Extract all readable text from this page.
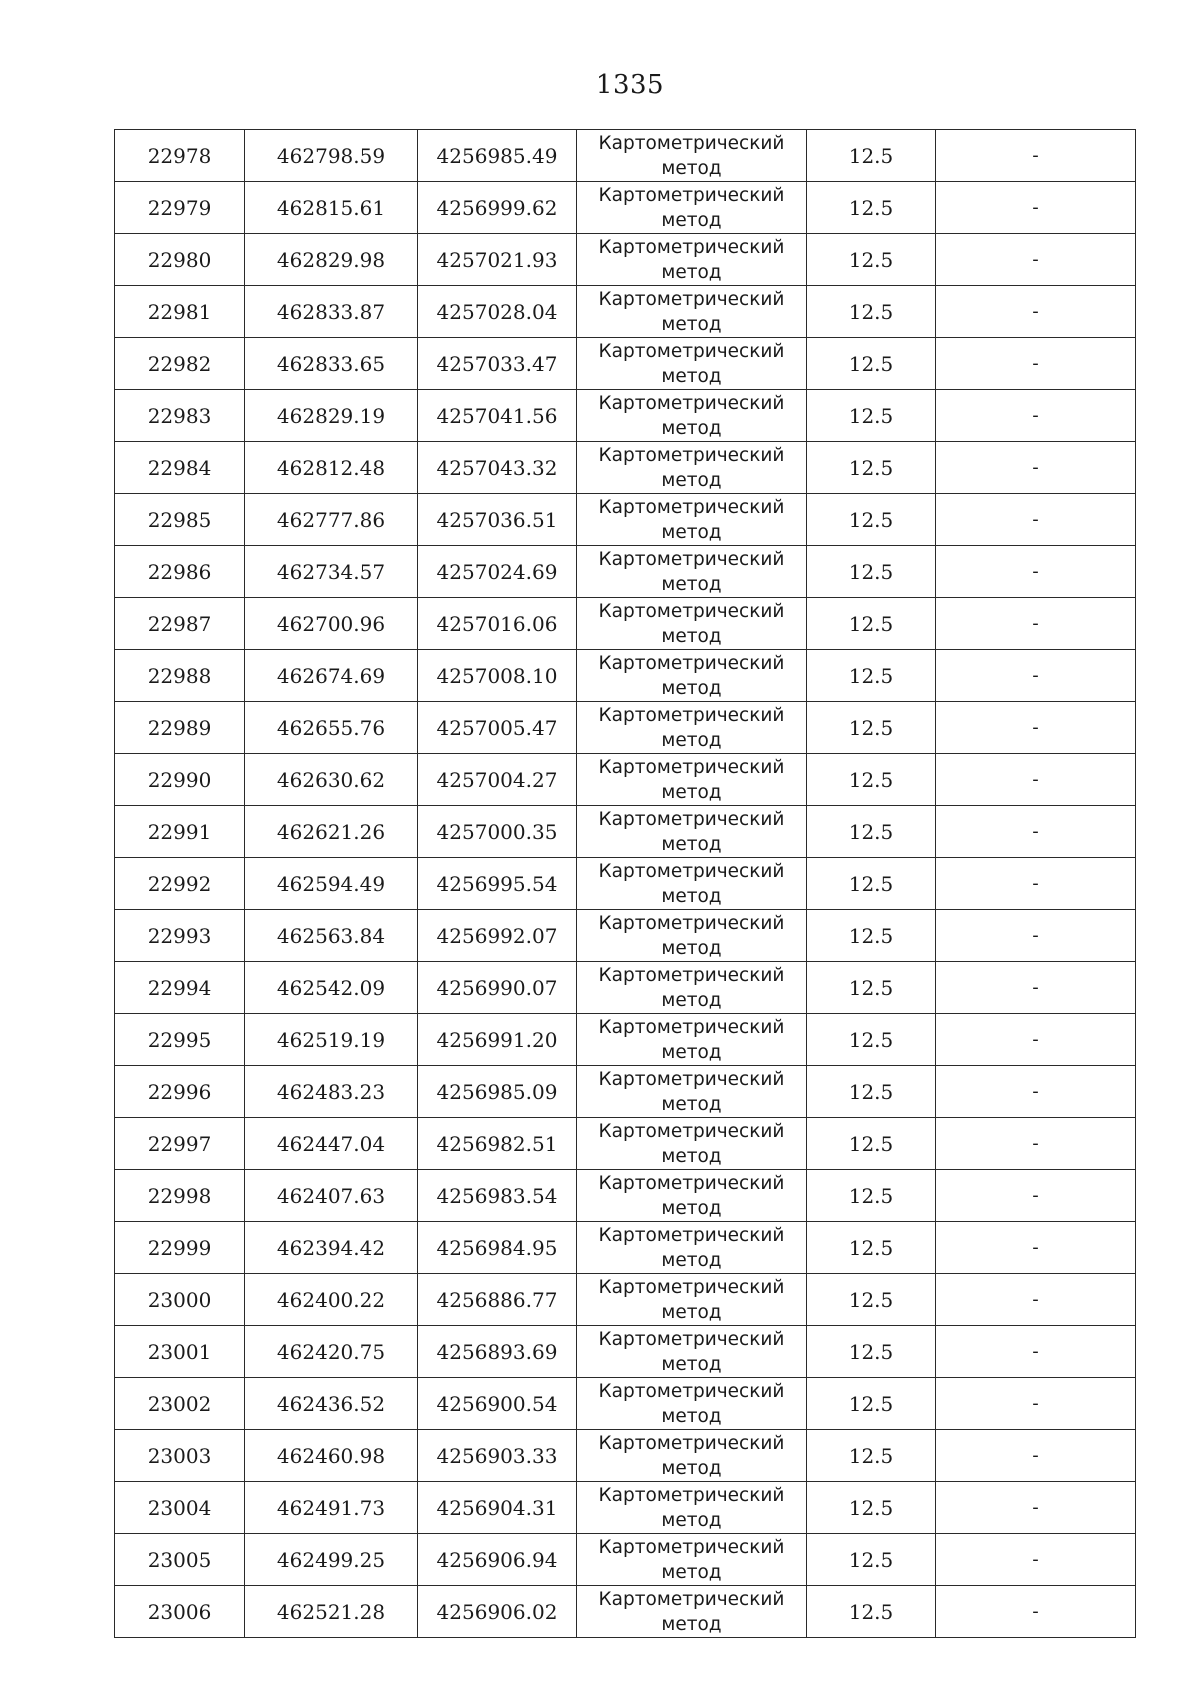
1335
22978	462798.59	4256985.49	Картометрический
метод	12.5	-
22979	462815.61	4256999.62	Картометрический
метод	12.5	-
22980	462829.98	4257021.93	Картометрический
метод	12.5	-
22981	462833.87	4257028.04	Картометрический
метод	12.5	-
22982	462833.65	4257033.47	Картометрический
метод	12.5	-
22983	462829.19	4257041.56	Картометрический
метод	12.5	-
22984	462812.48	4257043.32	Картометрический
метод	12.5	-
22985	462777.86	4257036.51	Картометрический
метод	12.5	-
22986	462734.57	4257024.69	Картометрический
метод	12.5	-
22987	462700.96	4257016.06	Картометрический
метод	12.5	-
22988	462674.69	4257008.10	Картометрический
метод	12.5	-
22989	462655.76	4257005.47	Картометрический
метод	12.5	-
22990	462630.62	4257004.27	Картометрический
метод	12.5	-
22991	462621.26	4257000.35	Картометрический
метод	12.5	-
22992	462594.49	4256995.54	Картометрический
метод	12.5	-
22993	462563.84	4256992.07	Картометрический
метод	12.5	-
22994	462542.09	4256990.07	Картометрический
метод	12.5	-
22995	462519.19	4256991.20	Картометрический
метод	12.5	-
22996	462483.23	4256985.09	Картометрический
метод	12.5	-
22997	462447.04	4256982.51	Картометрический
метод	12.5	-
22998	462407.63	4256983.54	Картометрический
метод	12.5	-
22999	462394.42	4256984.95	Картометрический
метод	12.5	-
23000	462400.22	4256886.77	Картометрический
метод	12.5	-
23001	462420.75	4256893.69	Картометрический
метод	12.5	-
23002	462436.52	4256900.54	Картометрический
метод	12.5	-
23003	462460.98	4256903.33	Картометрический
метод	12.5	-
23004	462491.73	4256904.31	Картометрический
метод	12.5	-
23005	462499.25	4256906.94	Картометрический
метод	12.5	-
23006	462521.28	4256906.02	Картометрический
метод	12.5	-
